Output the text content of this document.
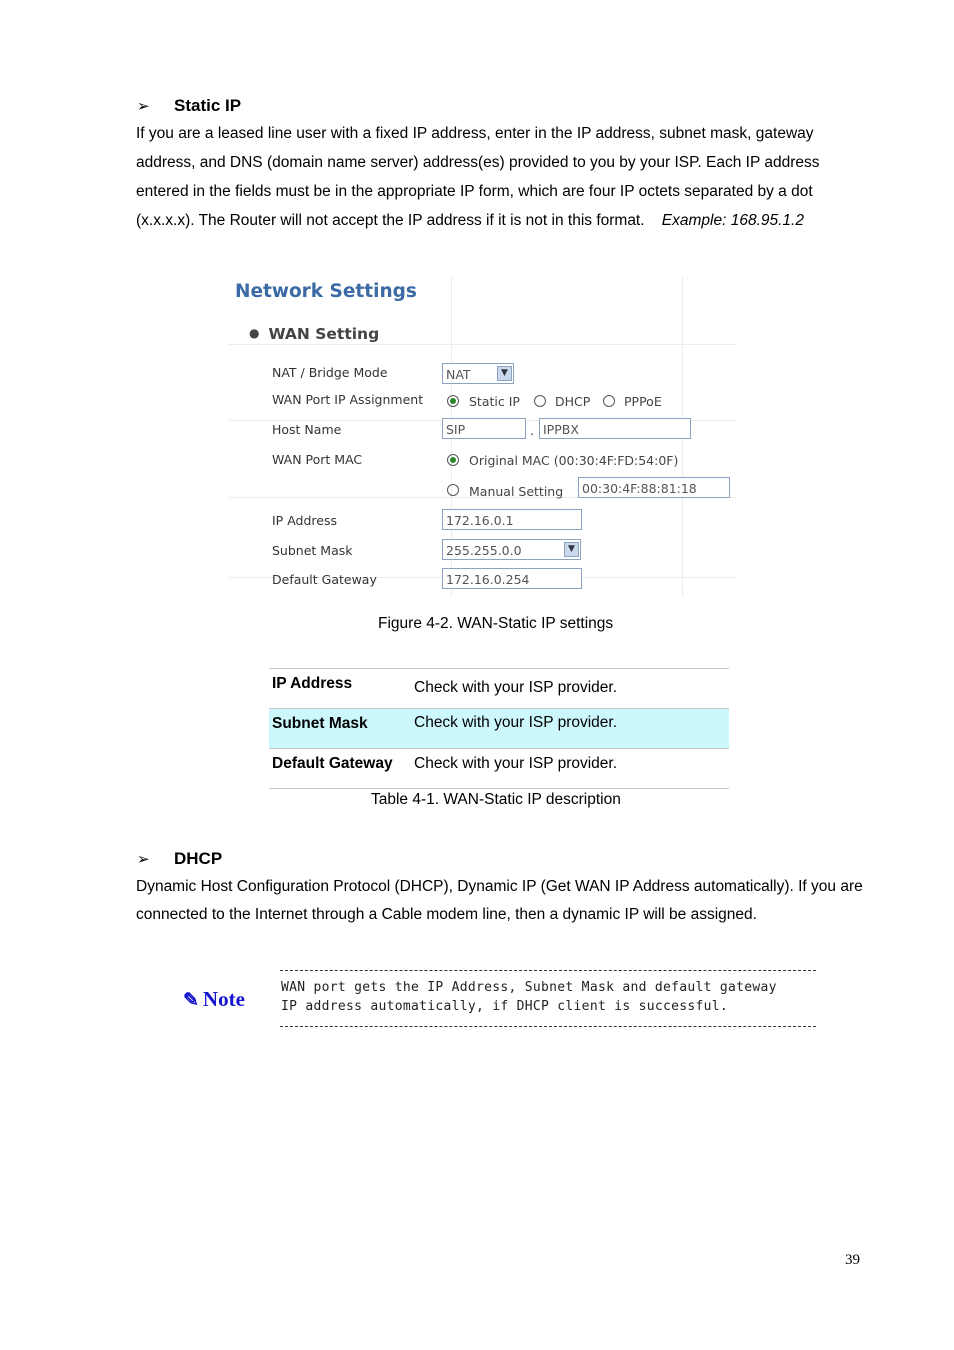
➢ Static IP
If you are a leased line user with a fixed IP address, enter in the IP address, subnet mask, gateway address, and DNS (domain name server) address(es) provided to you by your ISP. Each IP address entered in the fields must be in the appropriate IP form, which are four IP octets separated by a dot (x.x.x.x). The Router will not accept the IP address if it is not in this format. Example: 168.95.1.2
Network Settings
● WAN Setting
NAT / Bridge Mode	NAT	▼
WAN Port IP Assignment	Static IP	DHCP	PPPoE
Host Name	SIP	. IPPBX
WAN Port MAC	Original MAC (00:30:4F:FD:54:0F)
Manual Setting	00:30:4F:88:81:18
IP Address	172.16.0.1
Subnet Mask	255.255.0.0	▼
Default Gateway	172.16.0.254
Figure 4-2. WAN-Static IP settings
IP Address	Check with your ISP provider.
Subnet Mask	Check with your ISP provider.
Default Gateway Check with your ISP provider.
Table 4-1. WAN-Static IP description
➢ DHCP
Dynamic Host Configuration Protocol (DHCP), Dynamic IP (Get WAN IP Address automatically). If you are connected to the Internet through a Cable modem line, then a dynamic IP will be assigned.
✎ Note	WAN port gets the IP Address, Subnet Mask and default gateway
IP address automatically, if DHCP client is successful.
39
